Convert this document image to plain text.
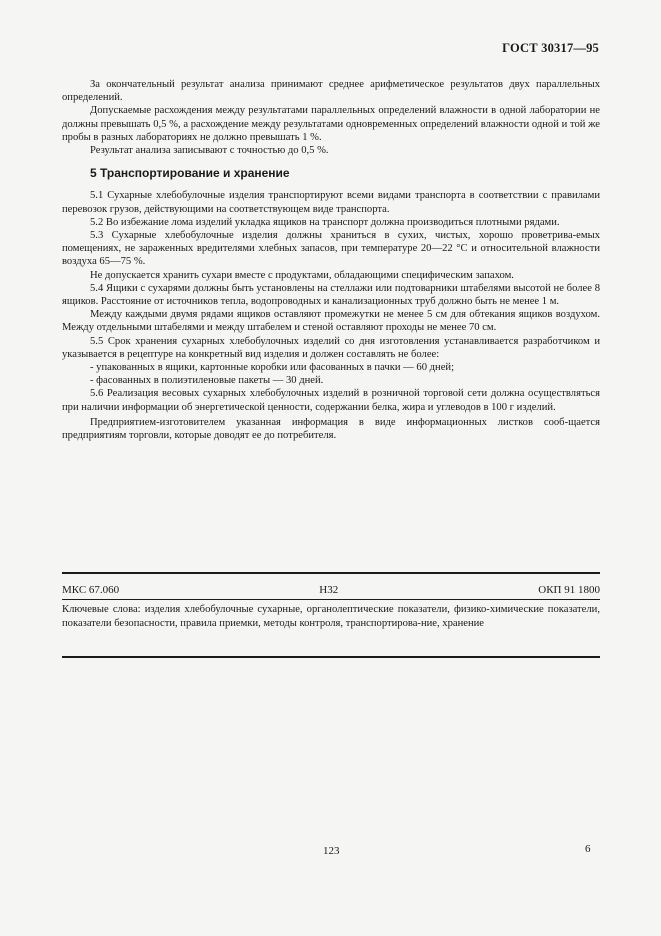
ГОСТ 30317—95

За окончательный результат анализа принимают среднее арифметическое результатов двух параллельных определений.

Допускаемые расхождения между результатами параллельных определений влажности в одной лаборатории не должны превышать 0,5 %, а расхождение между результатами одновременных определений влажности одной и той же пробы в разных лабораториях не должно превышать 1 %.

Результат анализа записывают с точностью до 0,5 %.

5 Транспортирование и хранение

5.1 Сухарные хлебобулочные изделия транспортируют всеми видами транспорта в соответствии с правилами перевозок грузов, действующими на соответствующем виде транспорта.

5.2 Во избежание лома изделий укладка ящиков на транспорт должна производиться плотными рядами.

5.3 Сухарные хлебобулочные изделия должны храниться в сухих, чистых, хорошо проветрива-емых помещениях, не зараженных вредителями хлебных запасов, при температуре 20—22 °С и относительной влажности воздуха 65—75 %.

Не допускается хранить сухари вместе с продуктами, обладающими специфическим запахом.

5.4 Ящики с сухарями должны быть установлены на стеллажи или подтоварники штабелями высотой не более 8 ящиков. Расстояние от источников тепла, водопроводных и канализационных труб должно быть не менее 1 м.

Между каждыми двумя рядами ящиков оставляют промежутки не менее 5 см для обтекания ящиков воздухом. Между отдельными штабелями и между штабелем и стеной оставляют проходы не менее 70 см.

5.5 Срок хранения сухарных хлебобулочных изделий со дня изготовления устанавливается разработчиком и указывается в рецептуре на конкретный вид изделия и должен составлять не более:

- упакованных в ящики, картонные коробки или фасованных в пачки — 60 дней;

- фасованных в полиэтиленовые пакеты — 30 дней.

5.6 Реализация весовых сухарных хлебобулочных изделий в розничной торговой сети должна осуществляться при наличии информации об энергетической ценности, содержании белка, жира и углеводов в 100 г изделий.

Предприятием-изготовителем указанная информация в виде информационных листков сооб-щается предприятиям торговли, которые доводят ее до потребителя.

МКС 67.060	Н32	ОКП 91 1800

Ключевые слова: изделия хлебобулочные сухарные, органолептические показатели, физико-химические показатели, показатели безопасности, правила приемки, методы контроля, транспортирова-ние, хранение

123	6
